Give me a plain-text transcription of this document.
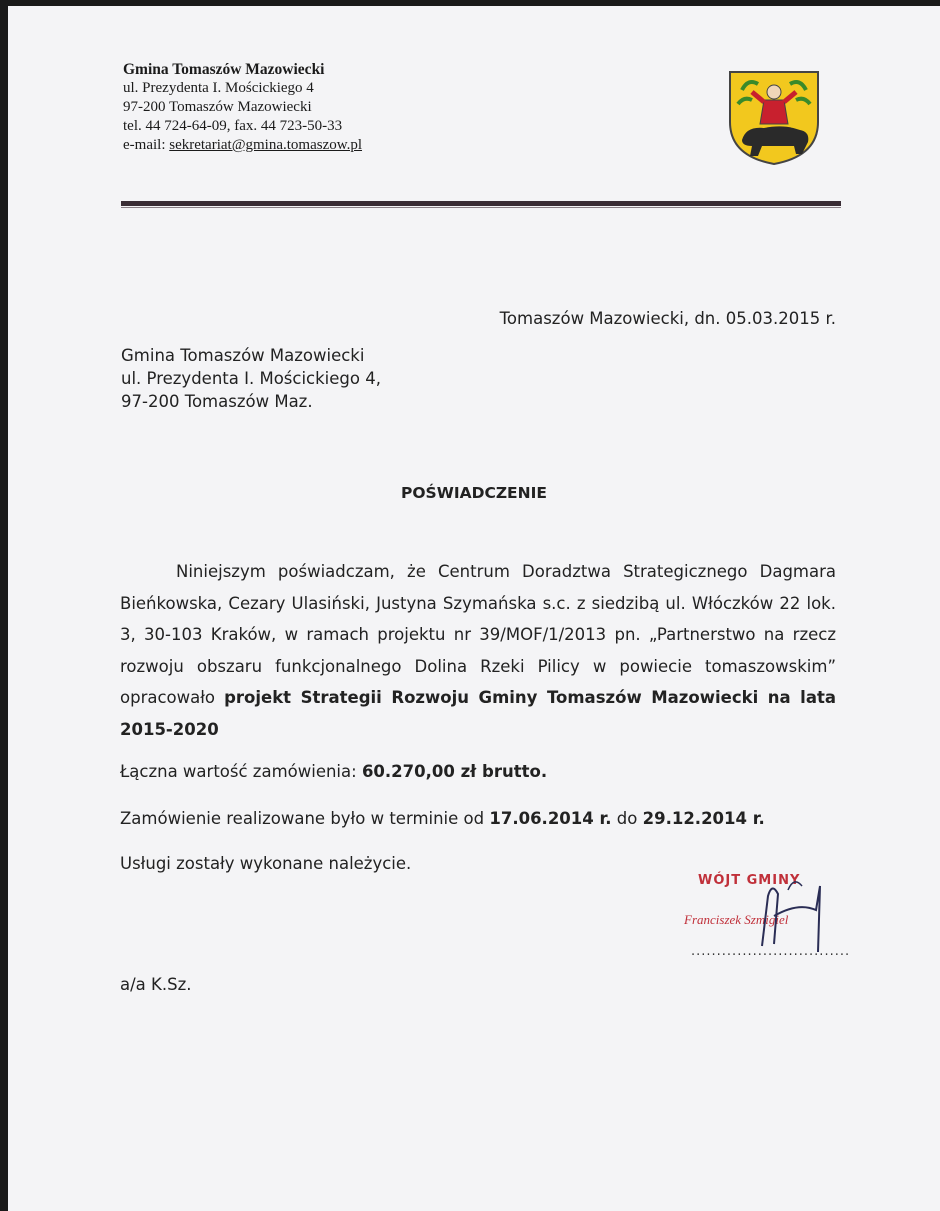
Gmina Tomaszów Mazowiecki
ul. Prezydenta I. Mościckiego 4
97-200 Tomaszów Mazowiecki
tel. 44 724-64-09, fax. 44 723-50-33
e-mail: sekretariat@gmina.tomaszow.pl
Tomaszów Mazowiecki, dn. 05.03.2015 r.
Gmina Tomaszów Mazowiecki
ul. Prezydenta I. Mościckiego 4,
97-200 Tomaszów Maz.
POŚWIADCZENIE

Niniejszym poświadczam, że Centrum Doradztwa Strategicznego Dagmara Bieńkowska, Cezary Ulasiński, Justyna Szymańska s.c. z siedzibą ul. Włóczków 22 lok. 3, 30-103 Kraków, w ramach projektu nr 39/MOF/1/2013 pn. „Partnerstwo na rzecz rozwoju obszaru funkcjonalnego Dolina Rzeki Pilicy w powiecie tomaszowskim” opracowało projekt Strategii Rozwoju Gminy Tomaszów Mazowiecki na lata 2015-2020

Łączna wartość zamówienia: 60.270,00 zł brutto.
Zamówienie realizowane było w terminie od 17.06.2014 r. do 29.12.2014 r.
Usługi zostały wykonane należycie.
WÓJT GMINY
Franciszek Szmigiel
...............................
a/a K.Sz.
